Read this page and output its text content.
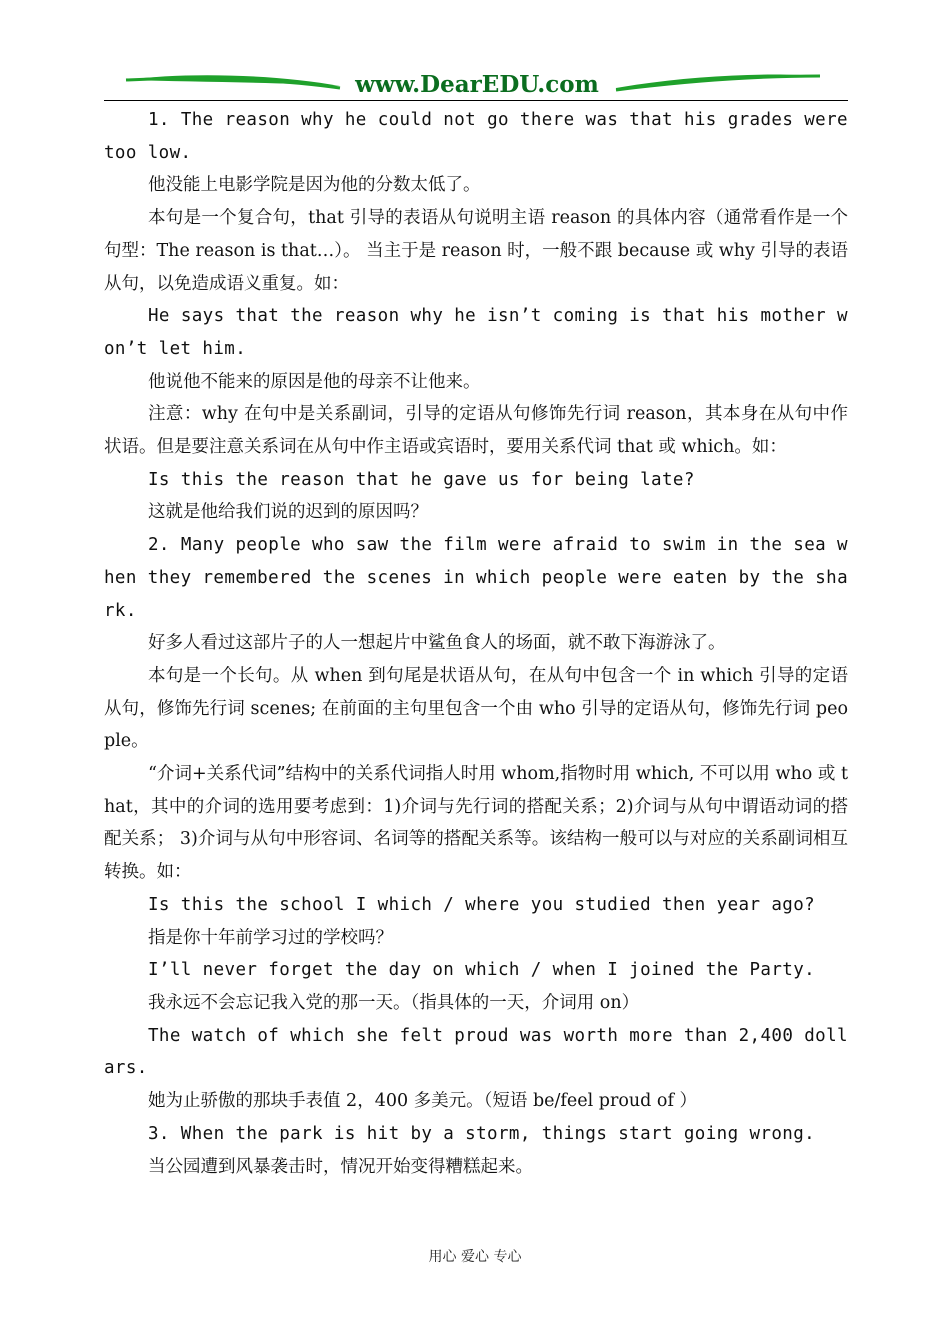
www.DearEDU.com

1. The reason why he could not go there was that his grades were too low.

他没能上电影学院是因为他的分数太低了。

本句是一个复合句，that 引导的表语从句说明主语 reason 的具体内容（通常看作是一个句型：The reason is that…）。 当主于是 reason 时，一般不跟 because 或 why 引导的表语从句，以免造成语义重复。如：

He says that the reason why he isn’t coming is that his mother won’t let him.

他说他不能来的原因是他的母亲不让他来。

注意：why 在句中是关系副词，引导的定语从句修饰先行词 reason，其本身在从句中作状语。但是要注意关系词在从句中作主语或宾语时，要用关系代词 that 或 which。如：

Is this the reason that he gave us for being late?

这就是他给我们说的迟到的原因吗？

2. Many people who saw the film were afraid to swim in the sea when they remembered the scenes in which people were eaten by the shark.

好多人看过这部片子的人一想起片中鲨鱼食人的场面，就不敢下海游泳了。

本句是一个长句。从 when 到句尾是状语从句，在从句中包含一个 in which 引导的定语从句，修饰先行词 scenes; 在前面的主句里包含一个由 who 引导的定语从句，修饰先行词 people。

“介词+关系代词”结构中的关系代词指人时用 whom,指物时用 which, 不可以用 who 或 that，其中的介词的选用要考虑到：1)介词与先行词的搭配关系；2)介词与从句中谓语动词的搭配关系； 3)介词与从句中形容词、名词等的搭配关系等。该结构一般可以与对应的关系副词相互转换。如：

Is this the school I which / where you studied then year ago?

指是你十年前学习过的学校吗？

I’ll never forget the day on which / when I joined the Party.

我永远不会忘记我入党的那一天。（指具体的一天，介词用 on）

The watch of which she felt proud was worth more than 2,400 dollars.

她为止骄傲的那块手表值 2，400 多美元。（短语 be/feel proud of ）

3. When the park is hit by a storm, things start going wrong.

当公园遭到风暴袭击时，情况开始变得糟糕起来。

用心 爱心 专心
